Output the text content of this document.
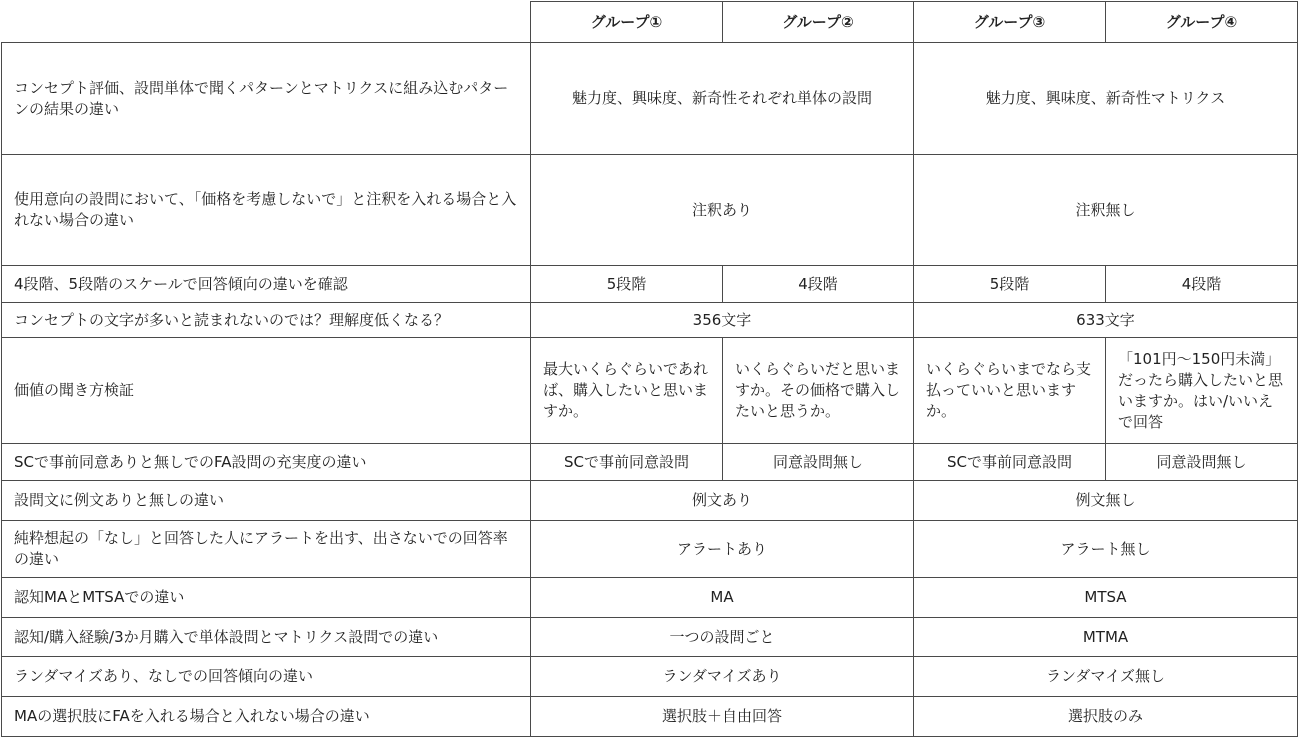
	グループ①	グループ②	グループ③	グループ④
コンセプト評価、設問単体で聞くパターンとマトリクスに組み込むパターンの結果の違い	魅力度、興味度、新奇性それぞれ単体の設問		魅力度、興味度、新奇性マトリクス	
使用意向の設問において、「価格を考慮しないで」と注釈を入れる場合と入れない場合の違い	注釈あり		注釈無し	
4段階、5段階のスケールで回答傾向の違いを確認	5段階	4段階	5段階	4段階
コンセプトの文字が多いと読まれないのでは？理解度低くなる？	356文字		633文字	
価値の聞き方検証	最大いくらぐらいであれば、購入したいと思いますか。	いくらぐらいだと思いますか。その価格で購入したいと思うか。	いくらぐらいまでなら支払っていいと思いますか。	「101円～150円未満」だったら購入したいと思いますか。はい/いいえで回答
SCで事前同意ありと無しでのFA設問の充実度の違い	SCで事前同意設問	同意設問無し	SCで事前同意設問	同意設問無し
設問文に例文ありと無しの違い	例文あり		例文無し	
純粋想起の「なし」と回答した人にアラートを出す、出さないでの回答率の違い	アラートあり		アラート無し	
認知MAとMTSAでの違い	MA		MTSA	
認知/購入経験/3か月購入で単体設問とマトリクス設問での違い	一つの設問ごと		MTMA	
ランダマイズあり、なしでの回答傾向の違い	ランダマイズあり		ランダマイズ無し	
MAの選択肢にFAを入れる場合と入れない場合の違い	選択肢＋自由回答		選択肢のみ	
